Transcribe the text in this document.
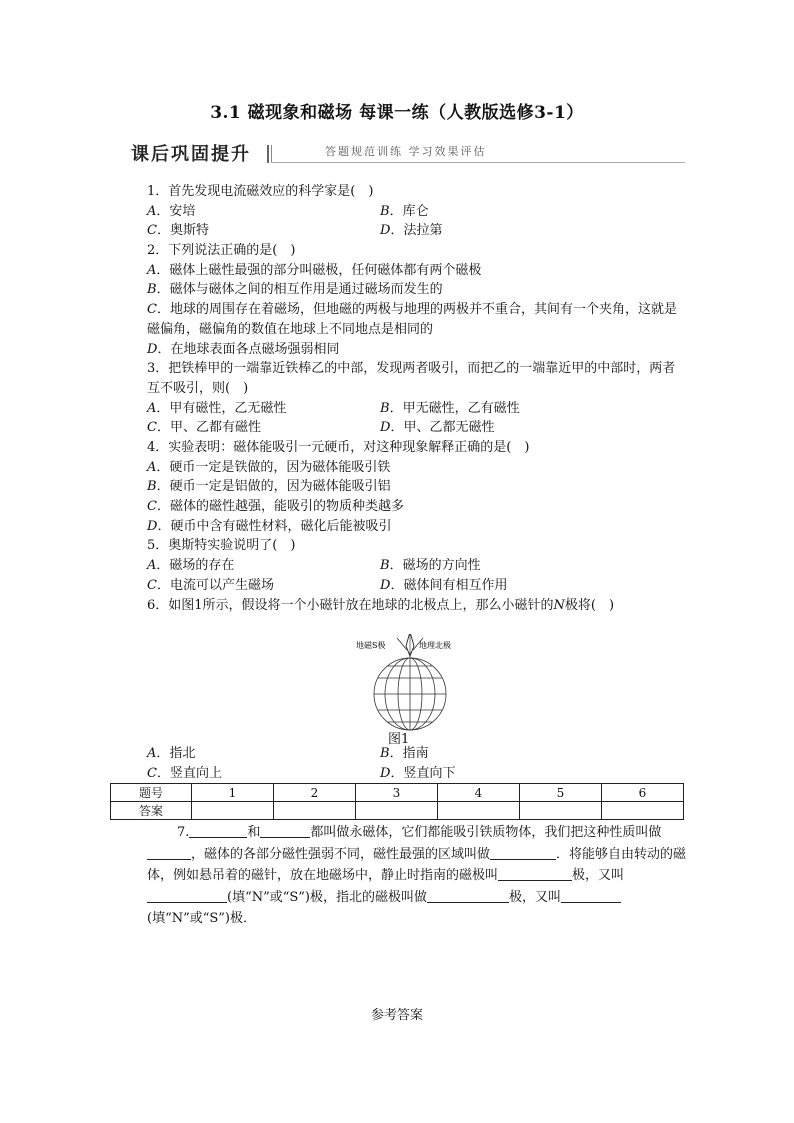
3.1 磁现象和磁场 每课一练（人教版选修3-1）
课后巩固提升	答题规范训练 学习效果评估
1．首先发现电流磁效应的科学家是(　)
A．安培	B．库仑
C．奥斯特	D．法拉第
2．下列说法正确的是(　)
A．磁体上磁性最强的部分叫磁极，任何磁体都有两个磁极
B．磁体与磁体之间的相互作用是通过磁场而发生的
C．地球的周围存在着磁场，但地磁的两极与地理的两极并不重合，其间有一个夹角，这就是磁偏角，磁偏角的数值在地球上不同地点是相同的
D．在地球表面各点磁场强弱相同
3．把铁棒甲的一端靠近铁棒乙的中部，发现两者吸引，而把乙的一端靠近甲的中部时，两者互不吸引，则(　)
A．甲有磁性，乙无磁性	B．甲无磁性，乙有磁性
C．甲、乙都有磁性	D．甲、乙都无磁性
4．实验表明：磁体能吸引一元硬币，对这种现象解释正确的是(　)
A．硬币一定是铁做的，因为磁体能吸引铁
B．硬币一定是铝做的，因为磁体能吸引铝
C．磁体的磁性越强，能吸引的物质种类越多
D．硬币中含有磁性材料，磁化后能被吸引
5．奥斯特实验说明了(　)
A．磁场的存在	B．磁场的方向性
C．电流可以产生磁场	D．磁体间有相互作用
6．如图1所示，假设将一个小磁针放在地球的北极点上，那么小磁针的N极将(　)
地磁S极	地理北极
图1
A．指北	B．指南
C．竖直向上	D．竖直向下
题号	1	2	3	4	5	6
答案						
7.	和	都叫做永磁体，它们都能吸引铁质物体，我们把这种性质叫做，磁体的各部分磁性强弱不同，磁性最强的区域叫做	．将能够自由转动的磁体，例如悬吊着的磁针，放在地磁场中，静止时指南的磁极叫	极，又叫(填“N”或“S”)极，指北的磁极叫做	极，又叫(填“N”或“S”)极．
参考答案
